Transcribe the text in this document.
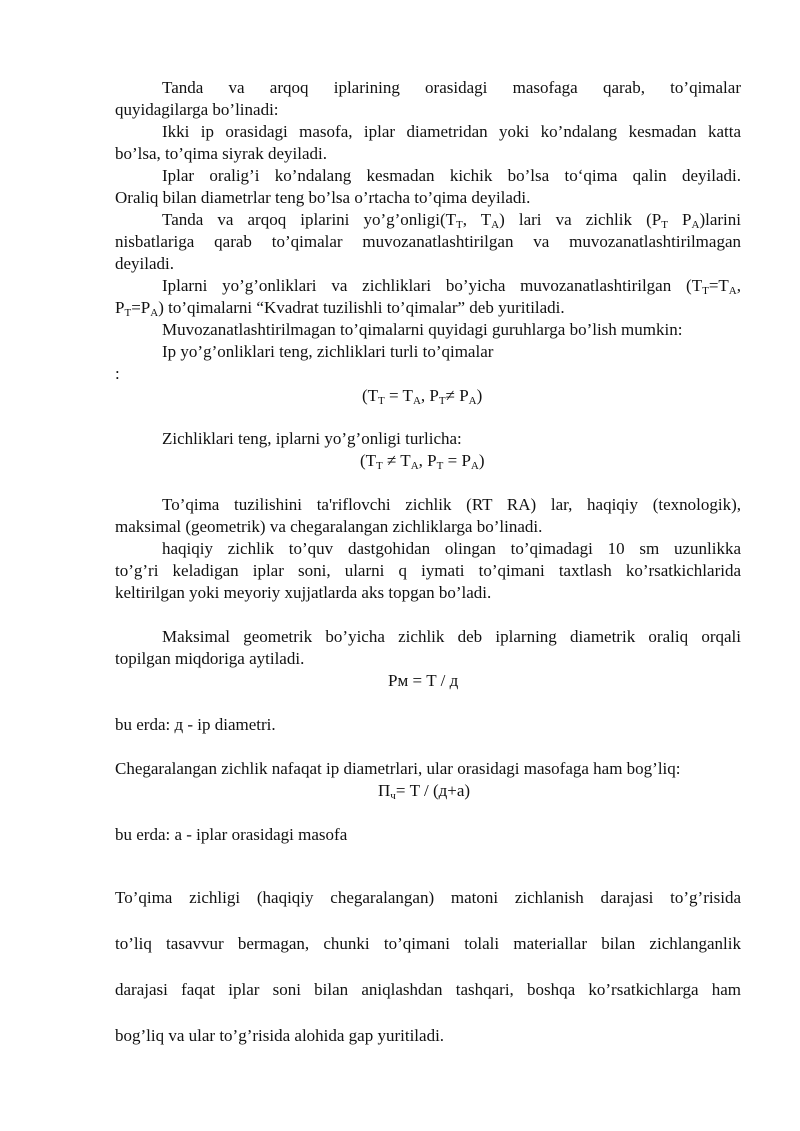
Tanda va arqoq iplarining orasidagi masofaga qarab, to’qimalar
quyidagilarga bo’linadi:
Ikki ip orasidagi masofa, iplar diametridan yoki ko’ndalang kesmadan katta
bo’lsa, to’qima siyrak deyiladi.
Iplar oralig’i ko’ndalang kesmadan kichik bo’lsa to‘qima qalin deyiladi.
Oraliq bilan diametrlar teng bo’lsa o’rtacha to’qima deyiladi.
Tanda va arqoq iplarini $yo’g’onligi(T_T$, $T_A$) lari va zichlik ($P_T$ $P_A)larini$
nisbatlariga qarab to’qimalar muvozanatlashtirilgan va muvozanatlashtirilmagan
deyiladi.
Iplarni yo’g’onliklari va zichliklari bo’yicha muvozanatlashtirilgan ($T_T=T_A$,
$P_T=P_A$) to’qimalarni “Kvadrat tuzilishli to’qimalar” deb yuritiladi.
Muvozanatlashtirilmagan to’qimalarni quyidagi guruhlarga bo’lish mumkin:
Ip yo’g’onliklari teng, zichliklari turli to’qimalar
:
($T_T = T_A$, $P_T\ne P_A$)
Zichliklari teng, iplarni yo’g’onligi turlicha:
($T_T \ne T_A$, $P_T = P_A$)
To’qima tuzilishini ta'riflovchi zichlik (RT RA) lar, haqiqiy (texnologik),
maksimal (geometrik) va chegaralangan zichliklarga bo’linadi.
haqiqiy zichlik to’quv dastgohidan olingan to’qimadagi 10 sm uzunlikka
to’g’ri keladigan iplar soni, ularni q iymati to’qimani taxtlash ko’rsatkichlarida
keltirilgan yoki meyoriy xujjatlarda aks topgan bo’ladi.
Maksimal geometrik bo’yicha zichlik deb iplarning diametrik oraliq orqali
topilgan miqdoriga aytiladi.
Pм = T / д
bu erda: д - ip diametri.
Chegaralangan zichlik nafaqat ip diametrlari, ular orasidagi masofaga ham bog’liq:
$П_ч= T / (д+a)$
bu erda: a - iplar orasidagi masofa
To’qima zichligi (haqiqiy chegaralangan) matoni zichlanish darajasi to’g’risida
to’liq tasavvur bermagan, chunki to’qimani tolali materiallar bilan zichlanganlik
darajasi faqat iplar soni bilan aniqlashdan tashqari, boshqa ko’rsatkichlarga ham
bog’liq va ular to’g’risida alohida gap yuritiladi.
